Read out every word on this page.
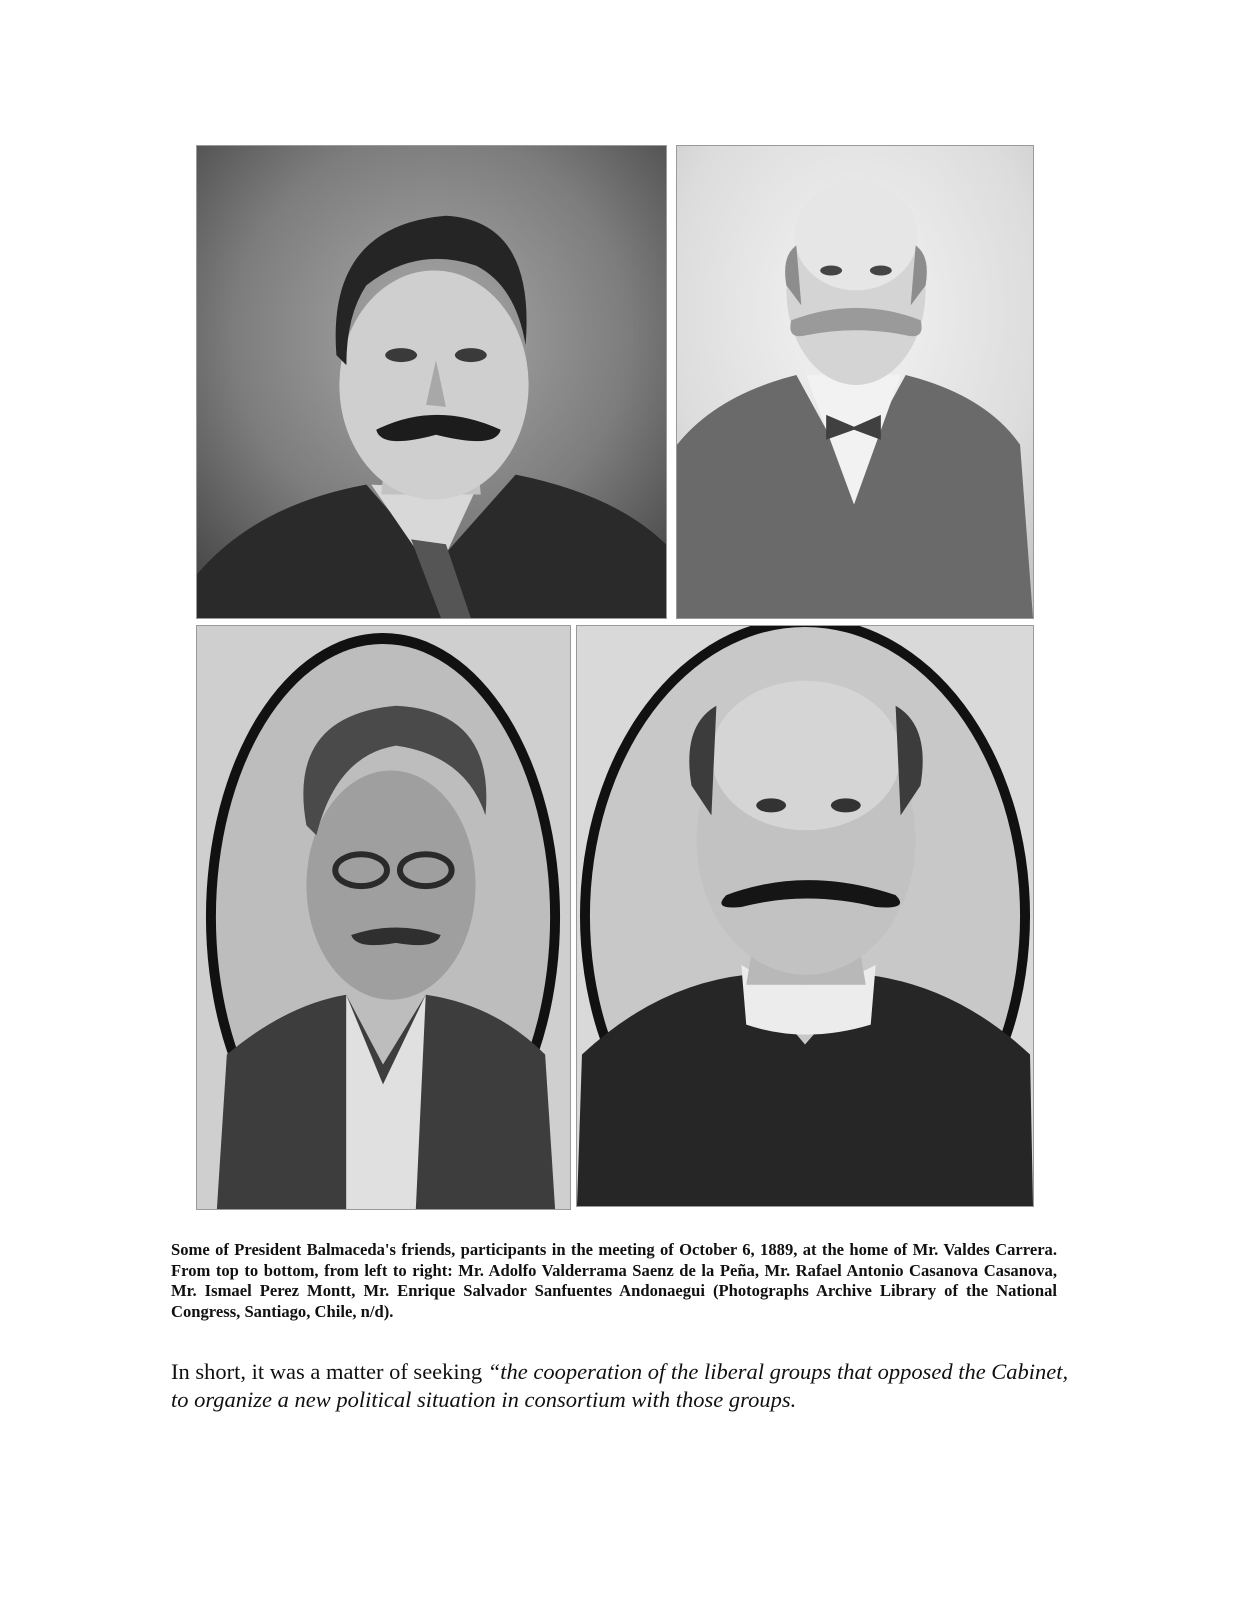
Some of President Balmaceda's friends, participants in the meeting of October 6, 1889, at the home of Mr. Valdes Carrera. From top to bottom, from left to right: Mr. Adolfo Valderrama Saenz de la Peña, Mr. Rafael Antonio Casanova Casanova, Mr. Ismael Perez Montt, Mr. Enrique Salvador Sanfuentes Andonaegui (Photographs Archive Library of the National Congress, Santiago, Chile, n/d).

In short, it was a matter of seeking “the cooperation of the liberal groups that opposed the Cabinet, to organize a new political situation in consortium with those groups.
